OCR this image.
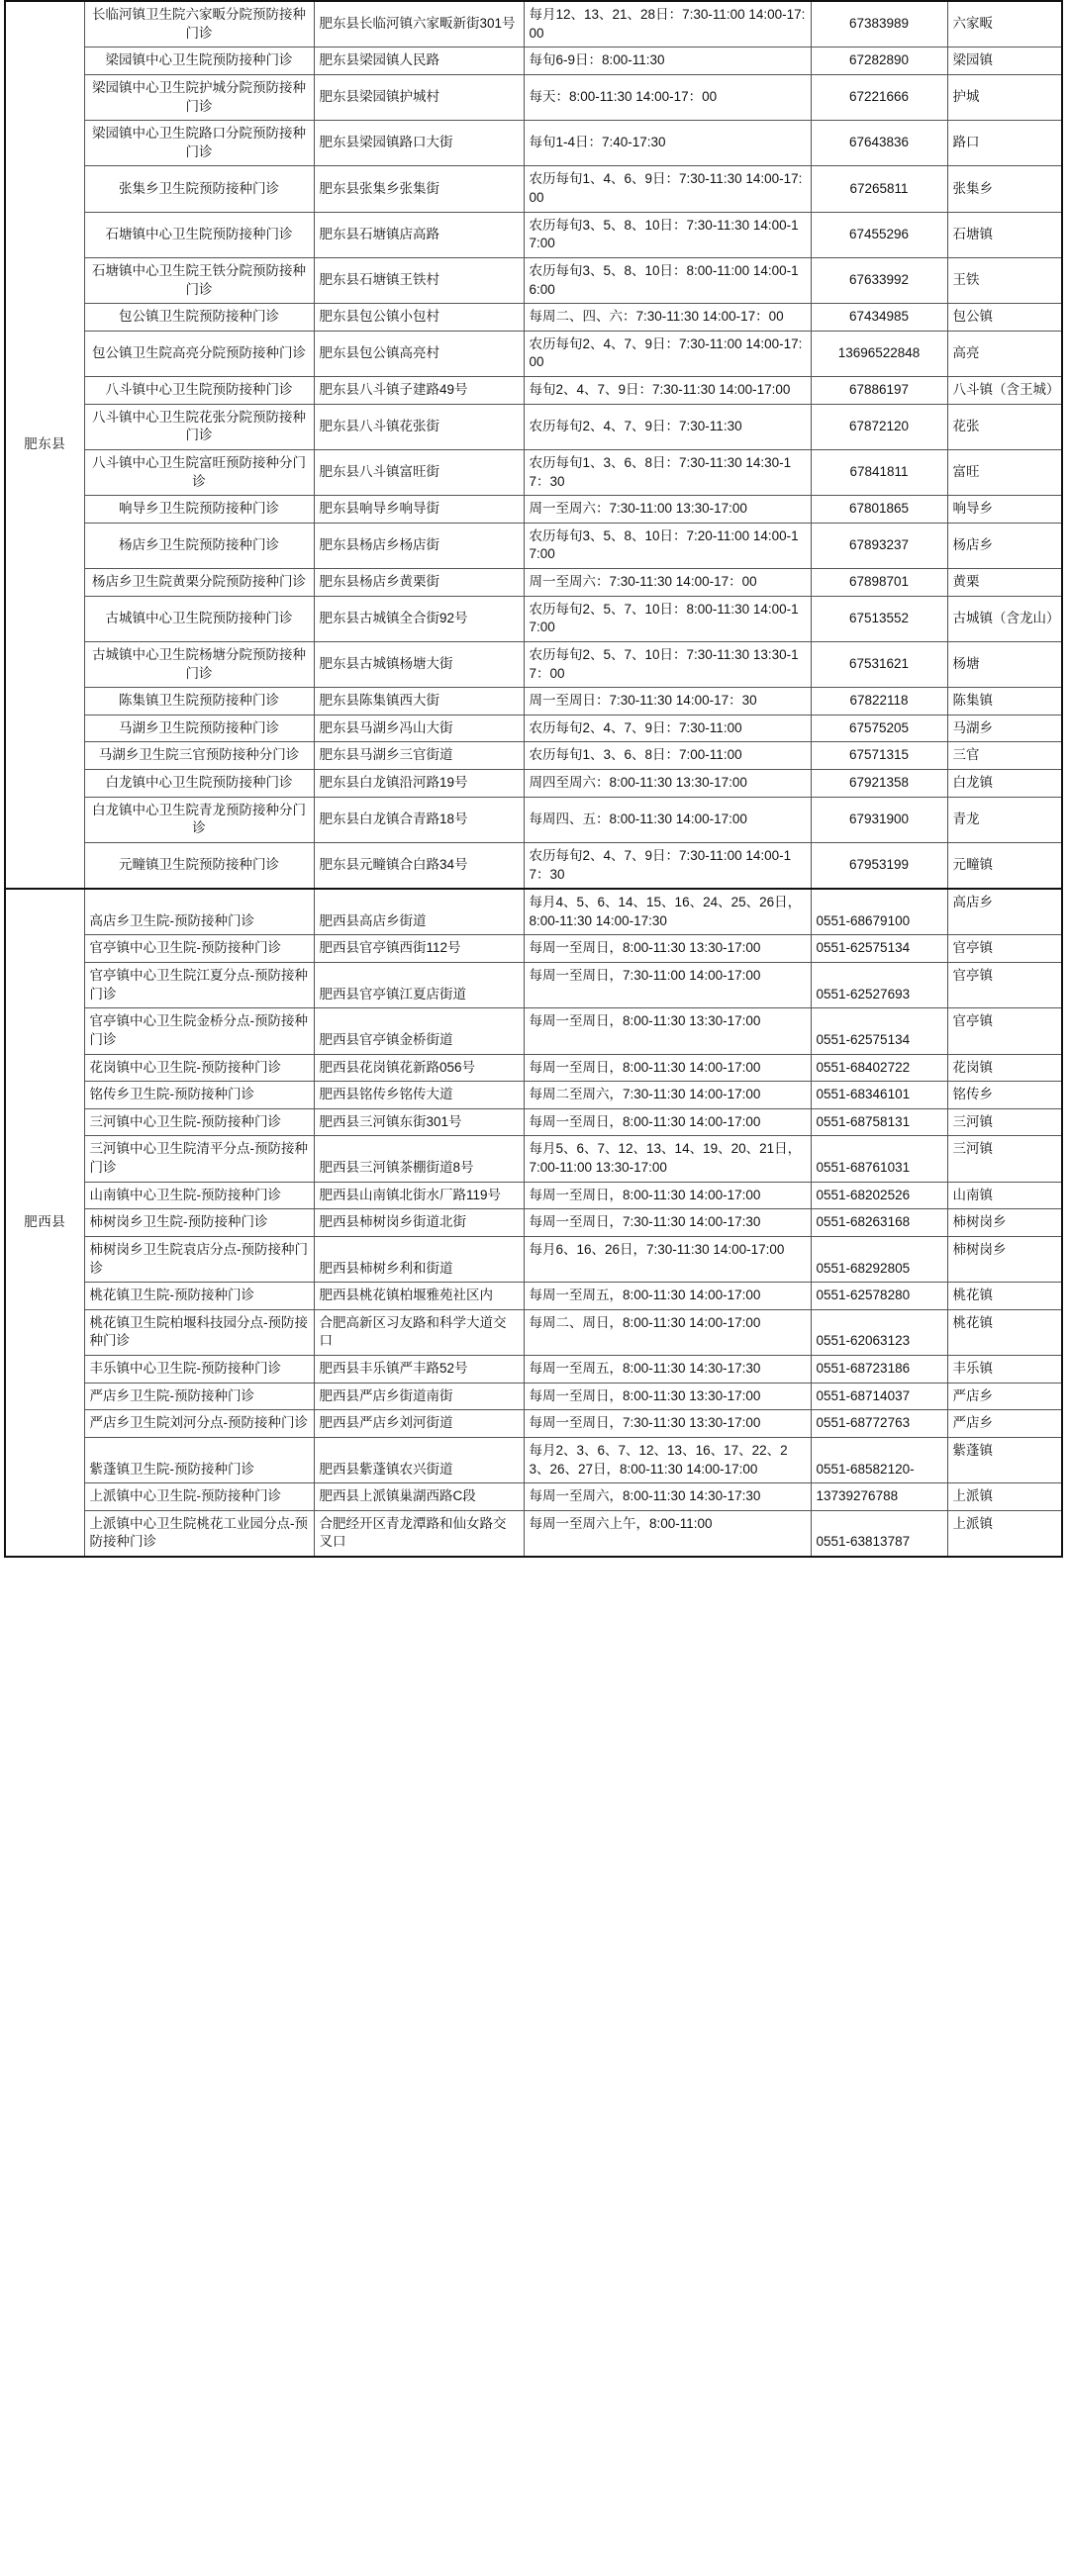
肥东县	长临河镇卫生院六家畈分院预防接种门诊	肥东县长临河镇六家畈新街301号	每月12、13、21、28日：7:30-11:00 14:00-17:00	67383989	六家畈
	梁园镇中心卫生院预防接种门诊	肥东县梁园镇人民路	每旬6-9日：8:00-11:30	67282890	梁园镇
	梁园镇中心卫生院护城分院预防接种门诊	肥东县梁园镇护城村	每天：8:00-11:30 14:00-17：00	67221666	护城
	梁园镇中心卫生院路口分院预防接种门诊	肥东县梁园镇路口大街	每旬1-4日：7:40-17:30	67643836	路口
	张集乡卫生院预防接种门诊	肥东县张集乡张集街	农历每旬1、4、6、9日：7:30-11:30 14:00-17:00	67265811	张集乡
	石塘镇中心卫生院预防接种门诊	肥东县石塘镇店高路	农历每旬3、5、8、10日：7:30-11:30 14:00-17:00	67455296	石塘镇
	石塘镇中心卫生院王铁分院预防接种门诊	肥东县石塘镇王铁村	农历每旬3、5、8、10日：8:00-11:00 14:00-16:00	67633992	王铁
	包公镇卫生院预防接种门诊	肥东县包公镇小包村	每周二、四、六：7:30-11:30 14:00-17：00	67434985	包公镇
	包公镇卫生院高亮分院预防接种门诊	肥东县包公镇高亮村	农历每旬2、4、7、9日：7:30-11:00 14:00-17:00	13696522848	高亮
	八斗镇中心卫生院预防接种门诊	肥东县八斗镇子建路49号	每旬2、4、7、9日：7:30-11:30 14:00-17:00	67886197	八斗镇（含王城）
	八斗镇中心卫生院花张分院预防接种门诊	肥东县八斗镇花张街	农历每旬2、4、7、9日：7:30-11:30	67872120	花张
	八斗镇中心卫生院富旺预防接种分门诊	肥东县八斗镇富旺街	农历每旬1、3、6、8日：7:30-11:30 14:30-17：30	67841811	富旺
	响导乡卫生院预防接种门诊	肥东县响导乡响导街	周一至周六：7:30-11:00 13:30-17:00	67801865	响导乡
	杨店乡卫生院预防接种门诊	肥东县杨店乡杨店街	农历每旬3、5、8、10日：7:20-11:00 14:00-17:00	67893237	杨店乡
	杨店乡卫生院黄栗分院预防接种门诊	肥东县杨店乡黄栗街	周一至周六：7:30-11:30 14:00-17：00	67898701	黄栗
	古城镇中心卫生院预防接种门诊	肥东县古城镇全合街92号	农历每旬2、5、7、10日：8:00-11:30 14:00-17:00	67513552	古城镇（含龙山）
	古城镇中心卫生院杨塘分院预防接种门诊	肥东县古城镇杨塘大街	农历每旬2、5、7、10日：7:30-11:30 13:30-17：00	67531621	杨塘
	陈集镇卫生院预防接种门诊	肥东县陈集镇西大街	周一至周日：7:30-11:30 14:00-17：30	67822118	陈集镇
	马湖乡卫生院预防接种门诊	肥东县马湖乡冯山大街	农历每旬2、4、7、9日：7:30-11:00	67575205	马湖乡
	马湖乡卫生院三官预防接种分门诊	肥东县马湖乡三官街道	农历每旬1、3、6、8日：7:00-11:00	67571315	三官
	白龙镇中心卫生院预防接种门诊	肥东县白龙镇沿河路19号	周四至周六：8:00-11:30 13:30-17:00	67921358	白龙镇
	白龙镇中心卫生院青龙预防接种分门诊	肥东县白龙镇合青路18号	每周四、五：8:00-11:30 14:00-17:00	67931900	青龙
	元疃镇卫生院预防接种门诊	肥东县元疃镇合白路34号	农历每旬2、4、7、9日：7:30-11:00 14:00-17：30	67953199	元疃镇
肥西县	高店乡卫生院-预防接种门诊	肥西县高店乡街道	每月4、5、6、14、15、16、24、25、26日，8:00-11:30 14:00-17:30	0551-68679100	高店乡
	官亭镇中心卫生院-预防接种门诊	肥西县官亭镇西街112号	每周一至周日，8:00-11:30 13:30-17:00	0551-62575134	官亭镇
	官亭镇中心卫生院江夏分点-预防接种门诊	肥西县官亭镇江夏店街道	每周一至周日，7:30-11:00 14:00-17:00	0551-62527693	官亭镇
	官亭镇中心卫生院金桥分点-预防接种门诊	肥西县官亭镇金桥街道	每周一至周日，8:00-11:30 13:30-17:00	0551-62575134	官亭镇
	花岗镇中心卫生院-预防接种门诊	肥西县花岗镇花新路056号	每周一至周日，8:00-11:30 14:00-17:00	0551-68402722	花岗镇
	铭传乡卫生院-预防接种门诊	肥西县铭传乡铭传大道	每周二至周六，7:30-11:30 14:00-17:00	0551-68346101	铭传乡
	三河镇中心卫生院-预防接种门诊	肥西县三河镇东街301号	每周一至周日，8:00-11:30 14:00-17:00	0551-68758131	三河镇
	三河镇中心卫生院清平分点-预防接种门诊	肥西县三河镇茶棚街道8号	每月5、6、7、12、13、14、19、20、21日，7:00-11:00 13:30-17:00	0551-68761031	三河镇
	山南镇中心卫生院-预防接种门诊	肥西县山南镇北街水厂路119号	每周一至周日，8:00-11:30 14:00-17:00	0551-68202526	山南镇
	柿树岗乡卫生院-预防接种门诊	肥西县柿树岗乡街道北街	每周一至周日，7:30-11:30 14:00-17:30	0551-68263168	柿树岗乡
	柿树岗乡卫生院袁店分点-预防接种门诊	肥西县柿树乡利和街道	每月6、16、26日，7:30-11:30 14:00-17:00	0551-68292805	柿树岗乡
	桃花镇卫生院-预防接种门诊	肥西县桃花镇柏堰雅苑社区内	每周一至周五，8:00-11:30 14:00-17:00	0551-62578280	桃花镇
	桃花镇卫生院柏堰科技园分点-预防接种门诊	合肥高新区习友路和科学大道交口	每周二、周日，8:00-11:30 14:00-17:00	0551-62063123	桃花镇
	丰乐镇中心卫生院-预防接种门诊	肥西县丰乐镇严丰路52号	每周一至周五，8:00-11:30 14:30-17:30	0551-68723186	丰乐镇
	严店乡卫生院-预防接种门诊	肥西县严店乡街道南街	每周一至周日，8:00-11:30 13:30-17:00	0551-68714037	严店乡
	严店乡卫生院刘河分点-预防接种门诊	肥西县严店乡刘河街道	每周一至周日，7:30-11:30 13:30-17:00	0551-68772763	严店乡
	紫蓬镇卫生院-预防接种门诊	肥西县紫蓬镇农兴街道	每月2、3、6、7、12、13、16、17、22、23、26、27日，8:00-11:30 14:00-17:00	0551-68582120-	紫蓬镇
	上派镇中心卫生院-预防接种门诊	肥西县上派镇巢湖西路C段	每周一至周六，8:00-11:30 14:30-17:30	13739276788	上派镇
	上派镇中心卫生院桃花工业园分点-预防接种门诊	合肥经开区青龙潭路和仙女路交叉口	每周一至周六上午，8:00-11:00	0551-63813787	上派镇
